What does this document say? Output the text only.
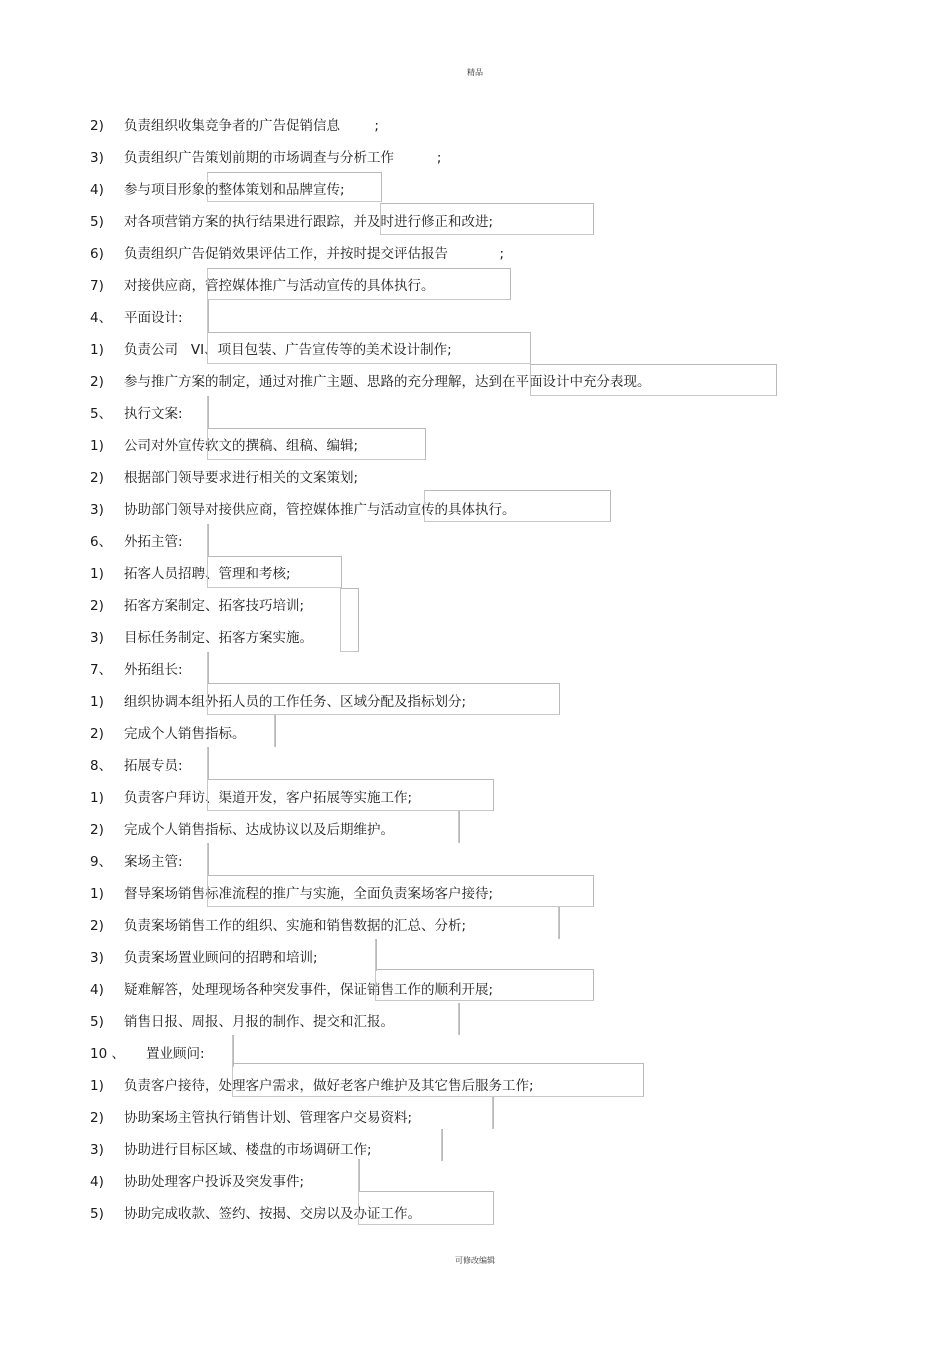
精品
2) 负责组织收集竞争者的广告促销信息        ;
3) 负责组织广告策划前期的市场调查与分析工作          ;
4) 参与项目形象的整体策划和品牌宣传;
5) 对各项营销方案的执行结果进行跟踪，并及时进行修正和改进;
6) 负责组织广告促销效果评估工作，并按时提交评估报告            ;
7) 对接供应商，管控媒体推广与活动宣传的具体执行。
4、 平面设计:
1) 负责公司   VI、项目包装、广告宣传等的美术设计制作;
2) 参与推广方案的制定，通过对推广主题、思路的充分理解，达到在平面设计中充分表现。
5、 执行文案:
1) 公司对外宣传软文的撰稿、组稿、编辑;
2) 根据部门领导要求进行相关的文案策划;
3) 协助部门领导对接供应商，管控媒体推广与活动宣传的具体执行。
6、 外拓主管:
1) 拓客人员招聘、管理和考核;
2) 拓客方案制定、拓客技巧培训;
3) 目标任务制定、拓客方案实施。
7、 外拓组长:
1) 组织协调本组外拓人员的工作任务、区域分配及指标划分;
2) 完成个人销售指标。
8、 拓展专员:
1) 负责客户拜访、渠道开发，客户拓展等实施工作;
2) 完成个人销售指标、达成协议以及后期维护。
9、 案场主管:
1) 督导案场销售标准流程的推广与实施，全面负责案场客户接待;
2) 负责案场销售工作的组织、实施和销售数据的汇总、分析;
3) 负责案场置业顾问的招聘和培训;
4) 疑难解答，处理现场各种突发事件，保证销售工作的顺利开展;
5) 销售日报、周报、月报的制作、提交和汇报。
10 、 置业顾问:
1) 负责客户接待，处理客户需求，做好老客户维护及其它售后服务工作;
2) 协助案场主管执行销售计划、管理客户交易资料;
3) 协助进行目标区域、楼盘的市场调研工作;
4) 协助处理客户投诉及突发事件;
5) 协助完成收款、签约、按揭、交房以及办证工作。
可修改编辑
